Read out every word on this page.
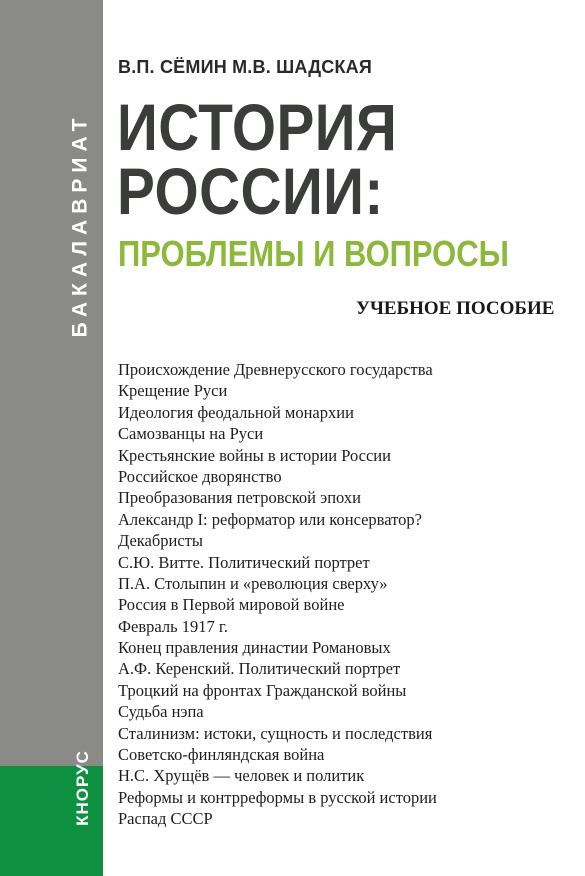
БАКАЛАВРИАТ
КНОРУС
В.П. СЁМИН М.В. ШАДСКАЯ
ИСТОРИЯ
РОССИИ:
ПРОБЛЕМЫ И ВОПРОСЫ
УЧЕБНОЕ ПОСОБИЕ
Происхождение Древнерусского государства
Крещение Руси
Идеология феодальной монархии
Самозванцы на Руси
Крестьянские войны в истории России
Российское дворянство
Преобразования петровской эпохи
Александр I: реформатор или консерватор?
Декабристы
С.Ю. Витте. Политический портрет
П.А. Столыпин и «революция сверху»
Россия в Первой мировой войне
Февраль 1917 г.
Конец правления династии Романовых
А.Ф. Керенский. Политический портрет
Троцкий на фронтах Гражданской войны
Судьба нэпа
Сталинизм: истоки, сущность и последствия
Советско-финляндская война
Н.С. Хрущёв — человек и политик
Реформы и контрреформы в русской истории
Распад СССР
